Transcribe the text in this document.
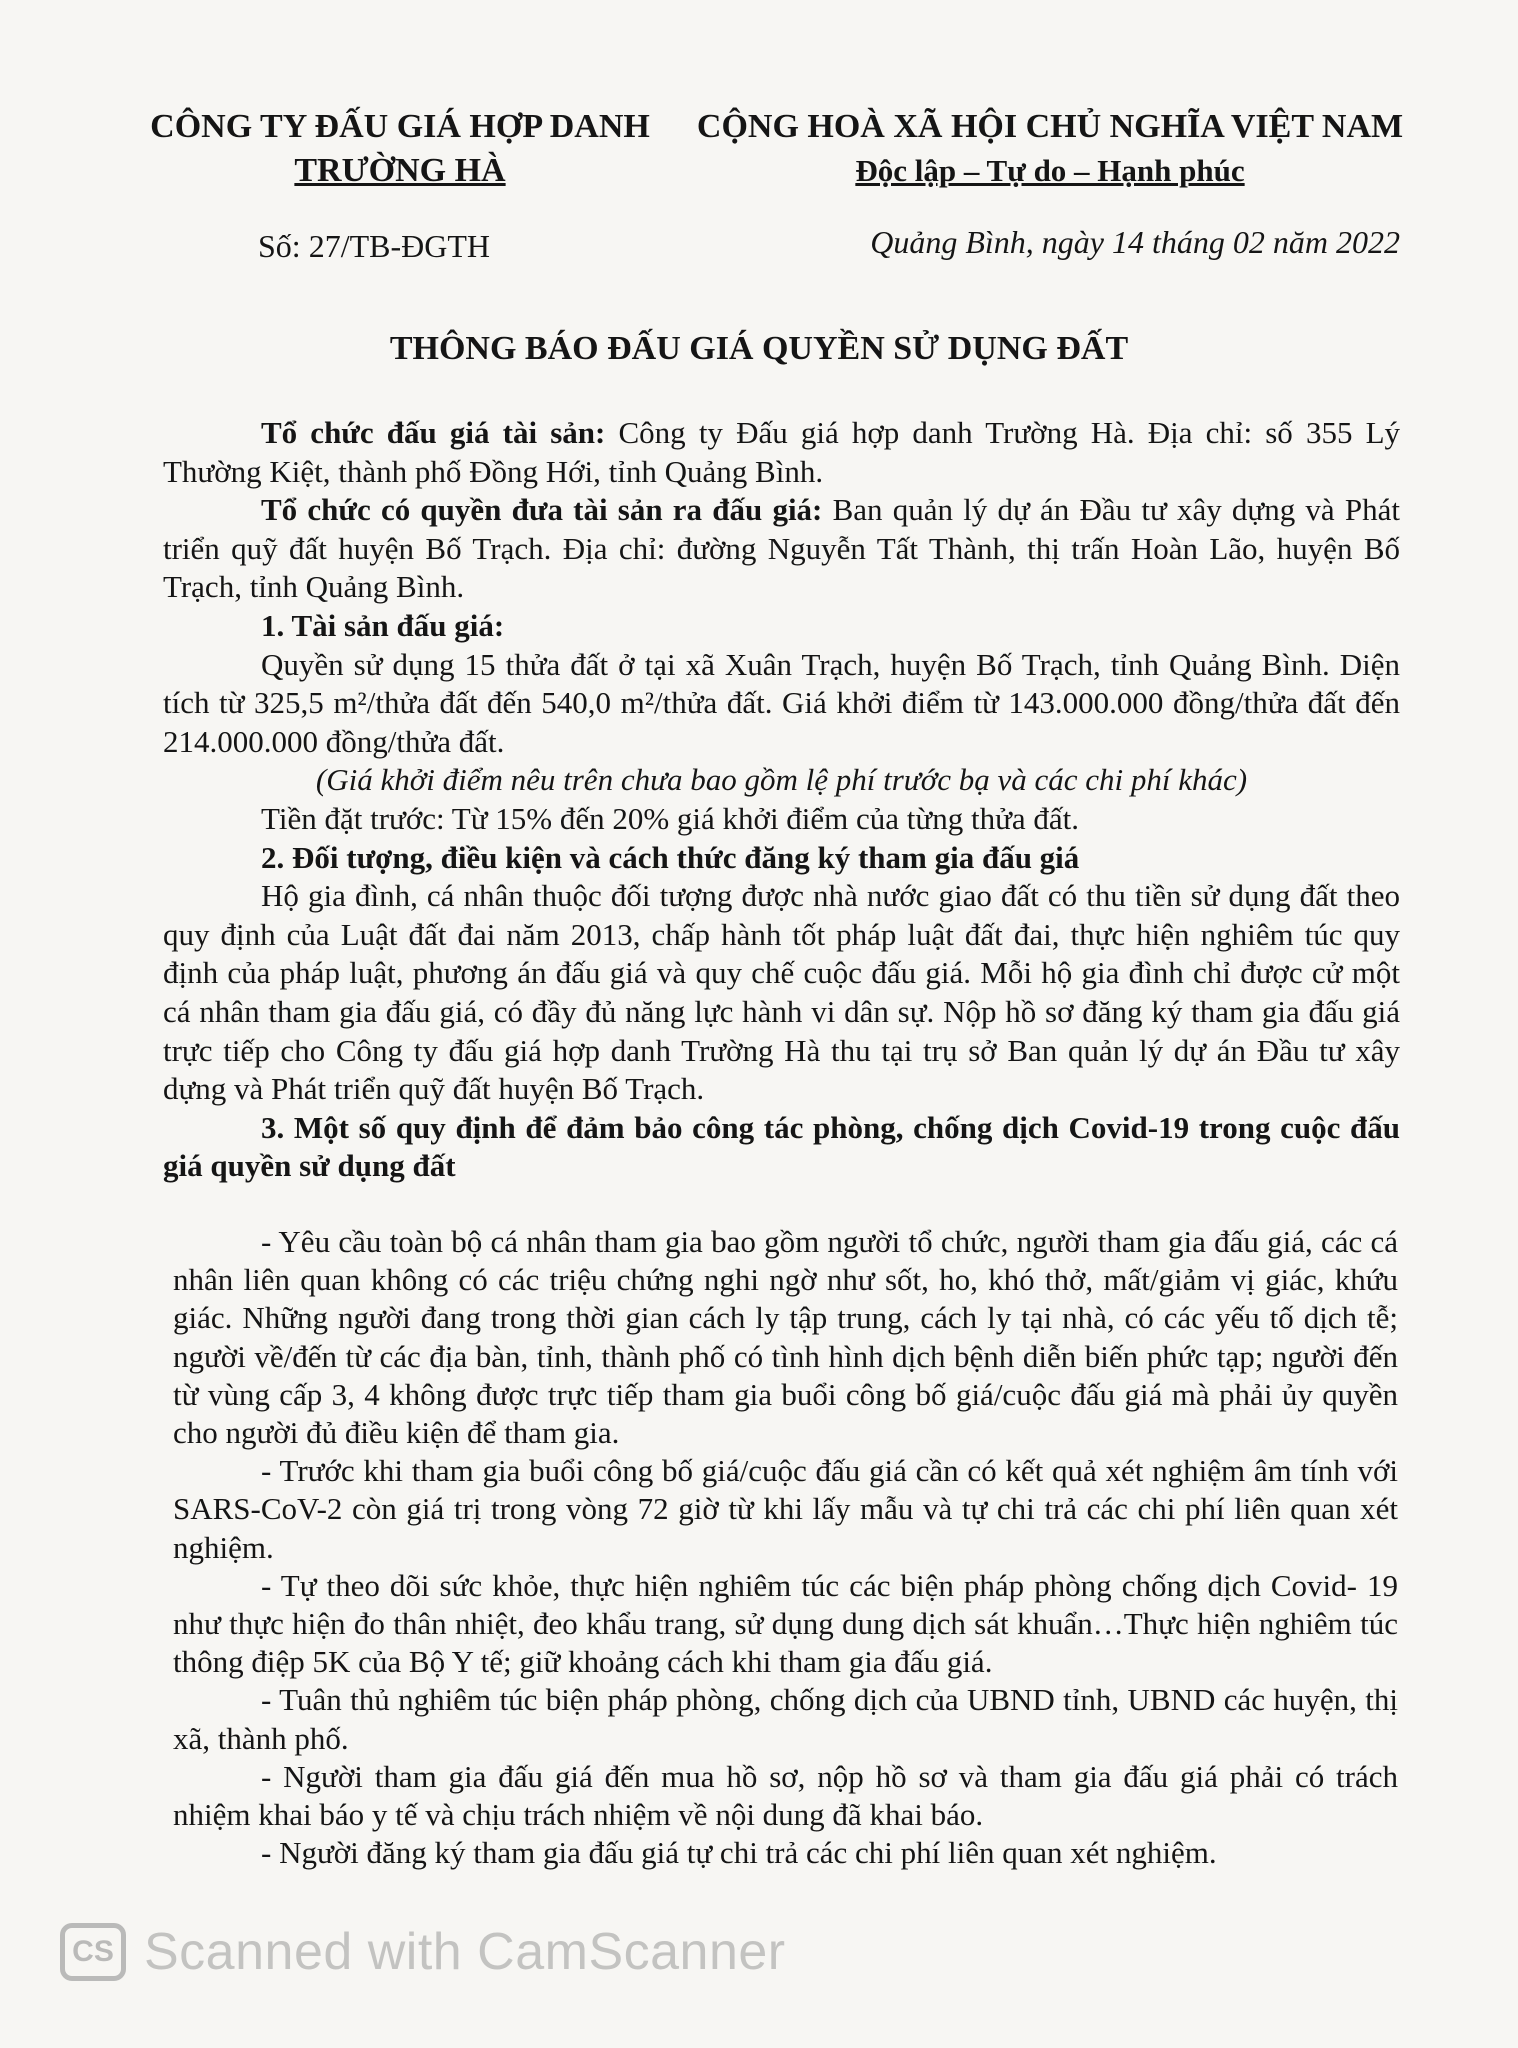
CÔNG TY ĐẤU GIÁ HỢP DANH
TRƯỜNG HÀ
CỘNG HOÀ XÃ HỘI CHỦ NGHĨA VIỆT NAM
Độc lập – Tự do – Hạnh phúc
Số: 27/TB-ĐGTH	Quảng Bình, ngày 14 tháng 02 năm 2022
THÔNG BÁO ĐẤU GIÁ QUYỀN SỬ DỤNG ĐẤT

Tổ chức đấu giá tài sản: Công ty Đấu giá hợp danh Trường Hà. Địa chỉ: số 355 Lý Thường Kiệt, thành phố Đồng Hới, tỉnh Quảng Bình.

Tổ chức có quyền đưa tài sản ra đấu giá: Ban quản lý dự án Đầu tư xây dựng và Phát triển quỹ đất huyện Bố Trạch. Địa chỉ: đường Nguyễn Tất Thành, thị trấn Hoàn Lão, huyện Bố Trạch, tỉnh Quảng Bình.

1. Tài sản đấu giá:

Quyền sử dụng 15 thửa đất ở tại xã Xuân Trạch, huyện Bố Trạch, tỉnh Quảng Bình. Diện tích từ 325,5 m²/thửa đất đến 540,0 m²/thửa đất. Giá khởi điểm từ 143.000.000 đồng/thửa đất đến 214.000.000 đồng/thửa đất.

(Giá khởi điểm nêu trên chưa bao gồm lệ phí trước bạ và các chi phí khác)

Tiền đặt trước: Từ 15% đến 20% giá khởi điểm của từng thửa đất.

2. Đối tượng, điều kiện và cách thức đăng ký tham gia đấu giá

Hộ gia đình, cá nhân thuộc đối tượng được nhà nước giao đất có thu tiền sử dụng đất theo quy định của Luật đất đai năm 2013, chấp hành tốt pháp luật đất đai, thực hiện nghiêm túc quy định của pháp luật, phương án đấu giá và quy chế cuộc đấu giá. Mỗi hộ gia đình chỉ được cử một cá nhân tham gia đấu giá, có đầy đủ năng lực hành vi dân sự. Nộp hồ sơ đăng ký tham gia đấu giá trực tiếp cho Công ty đấu giá hợp danh Trường Hà thu tại trụ sở Ban quản lý dự án Đầu tư xây dựng và Phát triển quỹ đất huyện Bố Trạch.

3. Một số quy định để đảm bảo công tác phòng, chống dịch Covid-19 trong cuộc đấu giá quyền sử dụng đất

- Yêu cầu toàn bộ cá nhân tham gia bao gồm người tổ chức, người tham gia đấu giá, các cá nhân liên quan không có các triệu chứng nghi ngờ như sốt, ho, khó thở, mất/giảm vị giác, khứu giác. Những người đang trong thời gian cách ly tập trung, cách ly tại nhà, có các yếu tố dịch tễ; người về/đến từ các địa bàn, tỉnh, thành phố có tình hình dịch bệnh diễn biến phức tạp; người đến từ vùng cấp 3, 4 không được trực tiếp tham gia buổi công bố giá/cuộc đấu giá mà phải ủy quyền cho người đủ điều kiện để tham gia.

- Trước khi tham gia buổi công bố giá/cuộc đấu giá cần có kết quả xét nghiệm âm tính với SARS-CoV-2 còn giá trị trong vòng 72 giờ từ khi lấy mẫu và tự chi trả các chi phí liên quan xét nghiệm.

- Tự theo dõi sức khỏe, thực hiện nghiêm túc các biện pháp phòng chống dịch Covid- 19 như thực hiện đo thân nhiệt, đeo khẩu trang, sử dụng dung dịch sát khuẩn…Thực hiện nghiêm túc thông điệp 5K của Bộ Y tế; giữ khoảng cách khi tham gia đấu giá.

- Tuân thủ nghiêm túc biện pháp phòng, chống dịch của UBND tỉnh, UBND các huyện, thị xã, thành phố.

- Người tham gia đấu giá đến mua hồ sơ, nộp hồ sơ và tham gia đấu giá phải có trách nhiệm khai báo y tế và chịu trách nhiệm về nội dung đã khai báo.

- Người đăng ký tham gia đấu giá tự chi trả các chi phí liên quan xét nghiệm.

CS Scanned with CamScanner
